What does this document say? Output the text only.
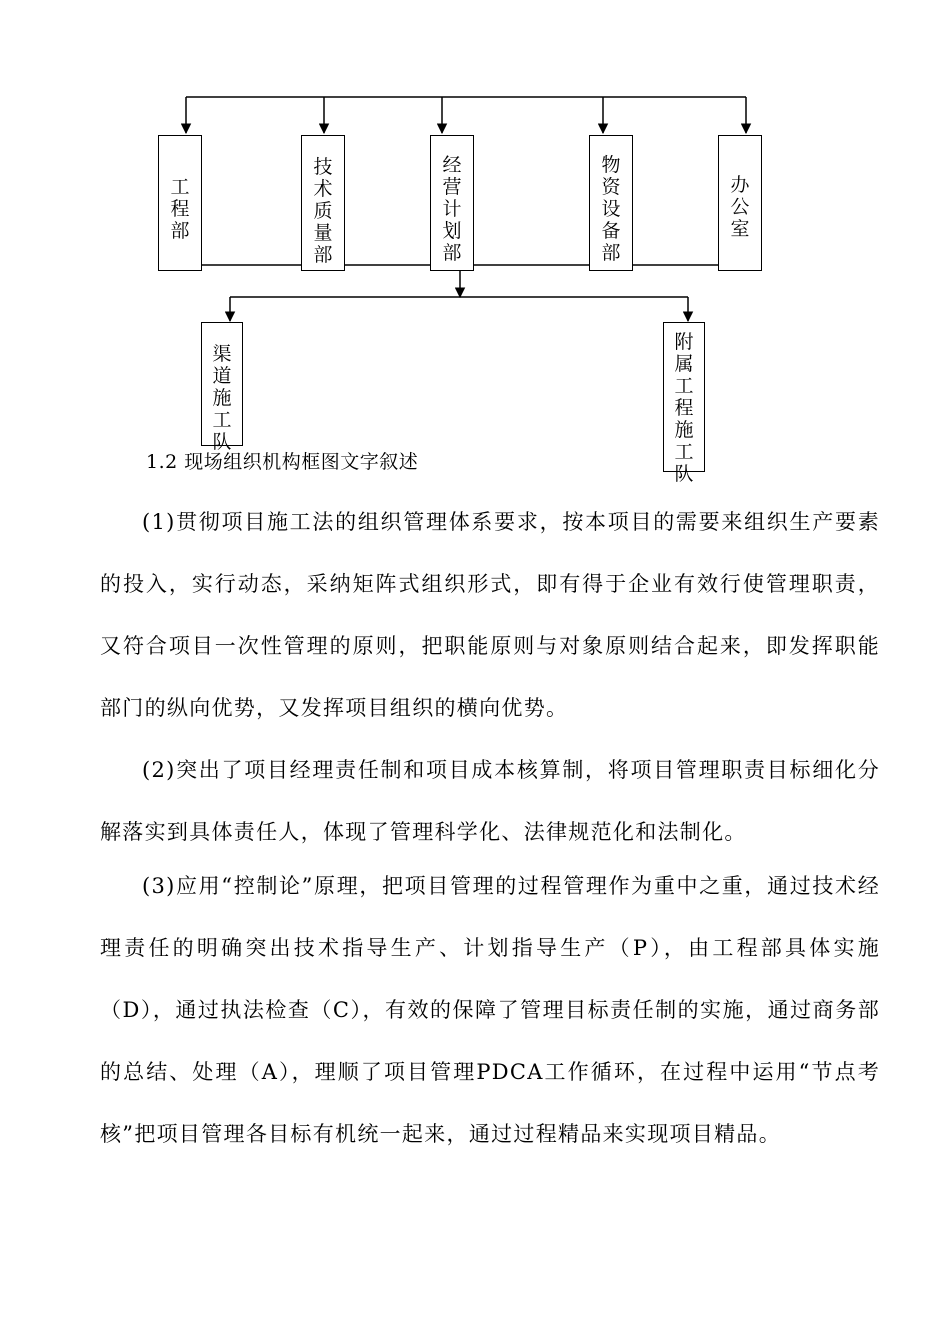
工程部
技术质量部
经营计划部
物资设备部
办公室
渠道施工队
附属工程施工队
1.2 现场组织机构框图文字叙述

(1)贯彻项目施工法的组织管理体系要求，按本项目的需要来组织生产要素的投入，实行动态，采纳矩阵式组织形式，即有得于企业有效行使管理职责，又符合项目一次性管理的原则，把职能原则与对象原则结合起来，即发挥职能部门的纵向优势，又发挥项目组织的横向优势。

(2)突出了项目经理责任制和项目成本核算制，将项目管理职责目标细化分解落实到具体责任人，体现了管理科学化、法律规范化和法制化。

(3)应用“控制论”原理，把项目管理的过程管理作为重中之重，通过技术经理责任的明确突出技术指导生产、计划指导生产（P），由工程部具体实施（D），通过执法检查（C），有效的保障了管理目标责任制的实施，通过商务部的总结、处理（A），理顺了项目管理PDCA工作循环，在过程中运用“节点考核”把项目管理各目标有机统一起来，通过过程精品来实现项目精品。
